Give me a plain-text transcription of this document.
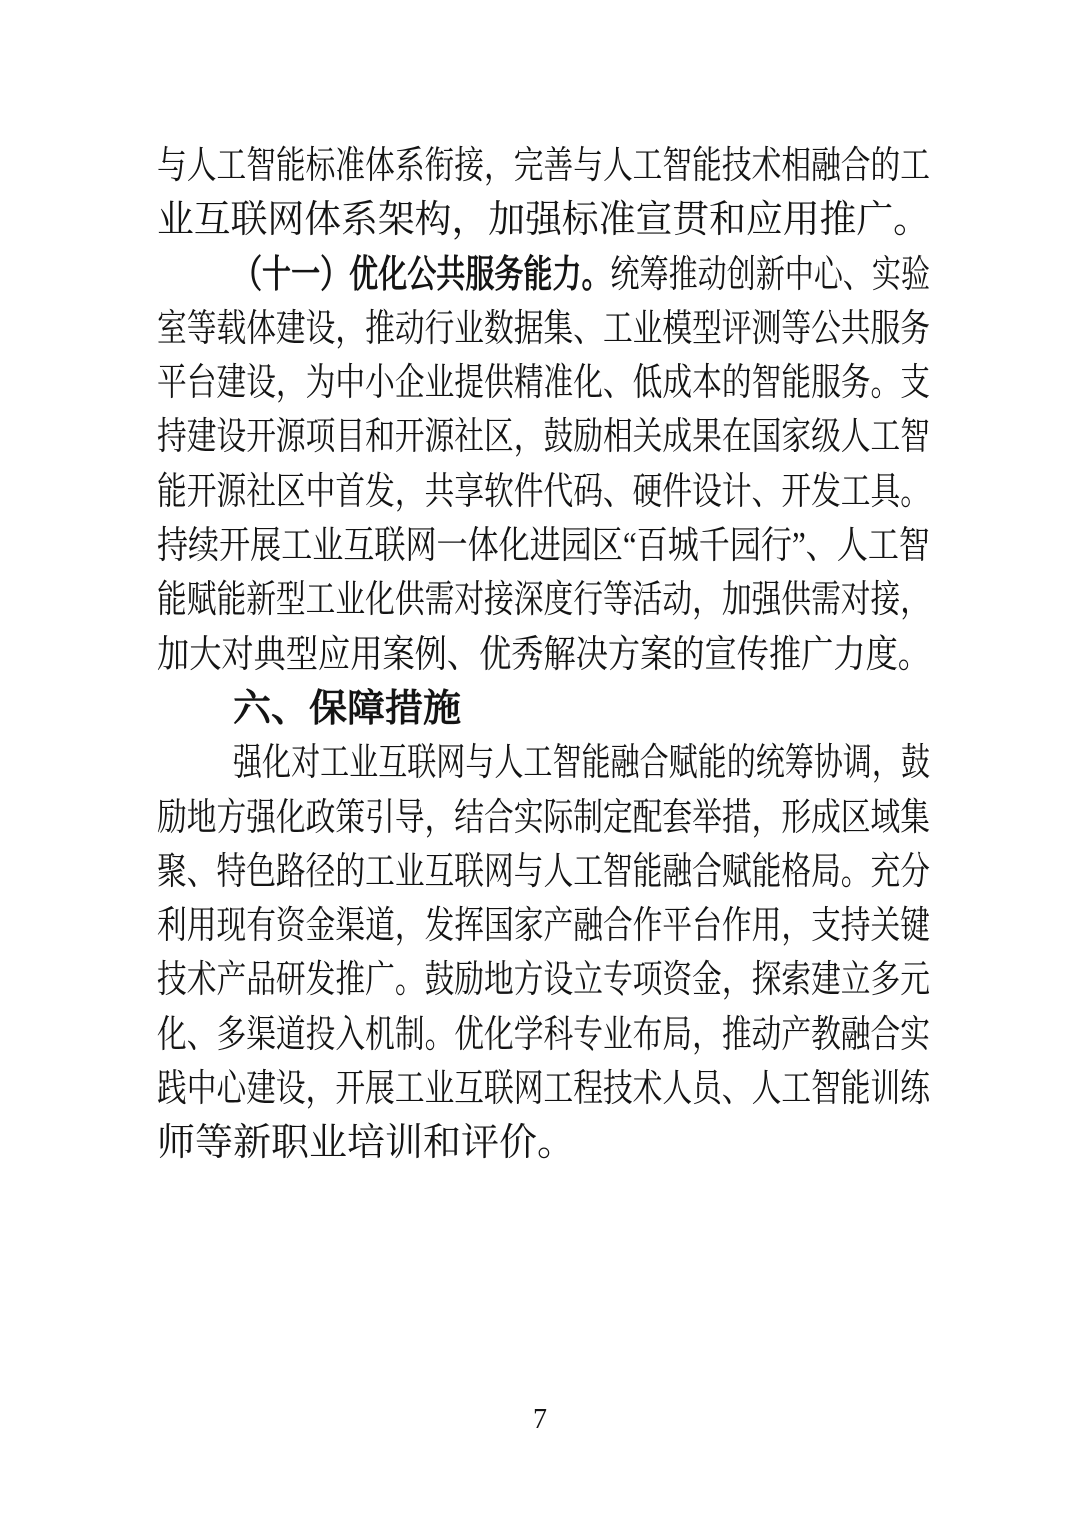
与人工智能标准体系衔接，完善与人工智能技术相融合的工
业互联网体系架构，加强标准宣贯和应用推广。
（十一）优化公共服务能力。统筹推动创新中心、实验
室等载体建设，推动行业数据集、工业模型评测等公共服务
平台建设，为中小企业提供精准化、低成本的智能服务。支
持建设开源项目和开源社区，鼓励相关成果在国家级人工智
能开源社区中首发，共享软件代码、硬件设计、开发工具。
持续开展工业互联网一体化进园区“百城千园行”、人工智
能赋能新型工业化供需对接深度行等活动，加强供需对接，
加大对典型应用案例、优秀解决方案的宣传推广力度。
六、保障措施
强化对工业互联网与人工智能融合赋能的统筹协调，鼓
励地方强化政策引导，结合实际制定配套举措，形成区域集
聚、特色路径的工业互联网与人工智能融合赋能格局。充分
利用现有资金渠道，发挥国家产融合作平台作用，支持关键
技术产品研发推广。鼓励地方设立专项资金，探索建立多元
化、多渠道投入机制。优化学科专业布局，推动产教融合实
践中心建设，开展工业互联网工程技术人员、人工智能训练
师等新职业培训和评价。
7
